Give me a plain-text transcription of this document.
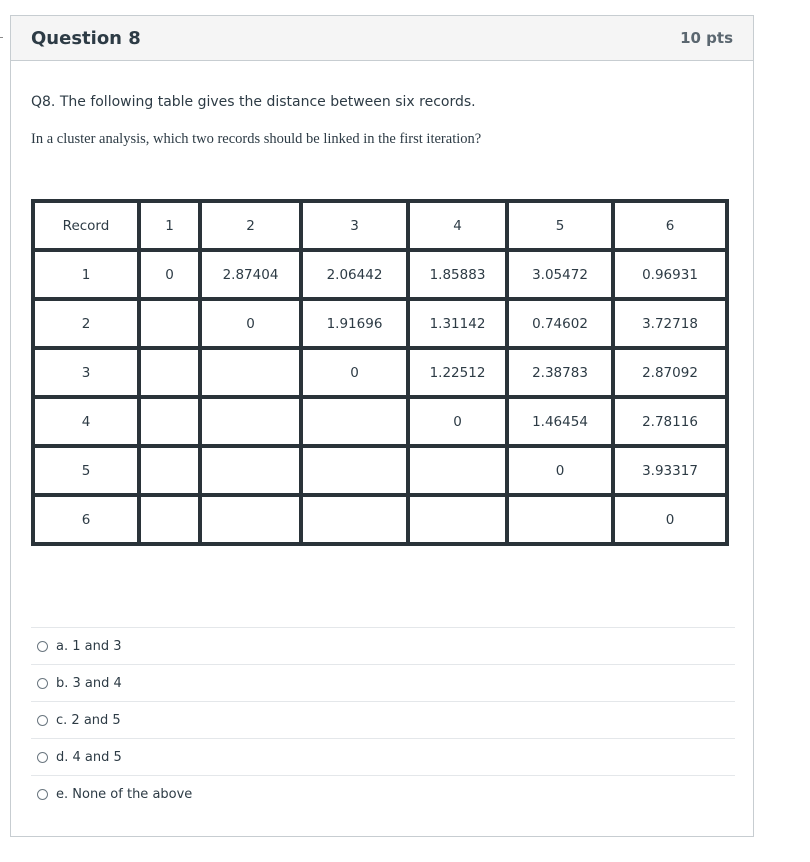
Question 8	10 pts
Q8. The following table gives the distance between six records.
In a cluster analysis, which two records should be linked in the first iteration?
Record	1	2	3	4	5	6
1	0	2.87404	2.06442	1.85883	3.05472	0.96931
2		0	1.91696	1.31142	0.74602	3.72718
3			0	1.22512	2.38783	2.87092
4				0	1.46454	2.78116
5					0	3.93317
6						0
a. 1 and 3
b. 3 and 4
c. 2 and 5
d. 4 and 5
e. None of the above
